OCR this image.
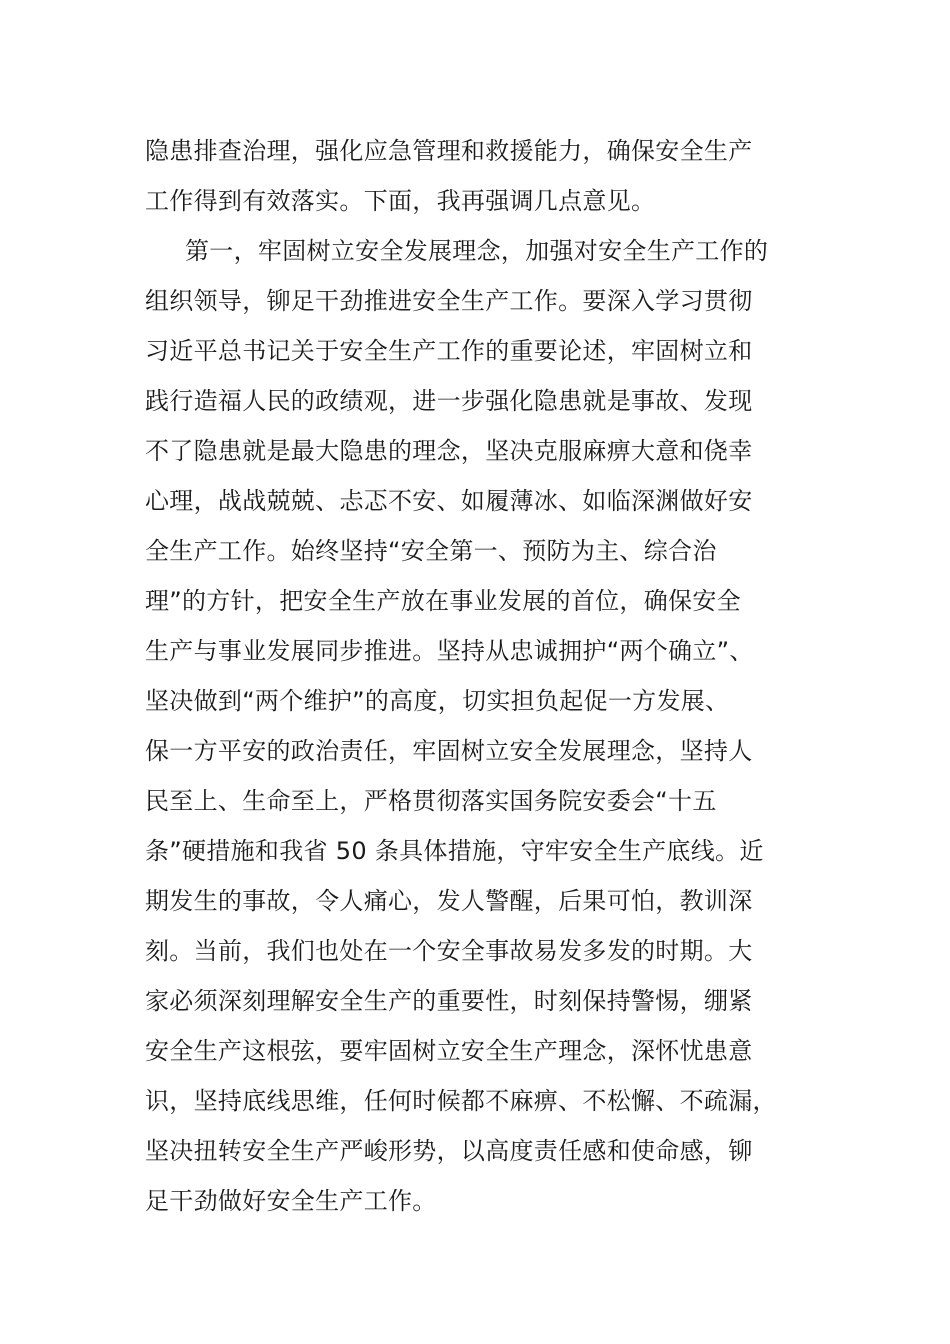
隐患排查治理，强化应急管理和救援能力，确保安全生产
工作得到有效落实。下面，我再强调几点意见。
第一，牢固树立安全发展理念，加强对安全生产工作的
组织领导，铆足干劲推进安全生产工作。要深入学习贯彻
习近平总书记关于安全生产工作的重要论述，牢固树立和
践行造福人民的政绩观，进一步强化隐患就是事故、发现
不了隐患就是最大隐患的理念，坚决克服麻痹大意和侥幸
心理，战战兢兢、忐忑不安、如履薄冰、如临深渊做好安
全生产工作。始终坚持“安全第一、预防为主、综合治
理”的方针，把安全生产放在事业发展的首位，确保安全
生产与事业发展同步推进。坚持从忠诚拥护“两个确立”、
坚决做到“两个维护”的高度，切实担负起促一方发展、
保一方平安的政治责任，牢固树立安全发展理念，坚持人
民至上、生命至上，严格贯彻落实国务院安委会“十五
条”硬措施和我省 50 条具体措施，守牢安全生产底线。近
期发生的事故，令人痛心，发人警醒，后果可怕，教训深
刻。当前，我们也处在一个安全事故易发多发的时期。大
家必须深刻理解安全生产的重要性，时刻保持警惕，绷紧
安全生产这根弦，要牢固树立安全生产理念，深怀忧患意
识，坚持底线思维，任何时候都不麻痹、不松懈、不疏漏，
坚决扭转安全生产严峻形势，以高度责任感和使命感，铆
足干劲做好安全生产工作。
